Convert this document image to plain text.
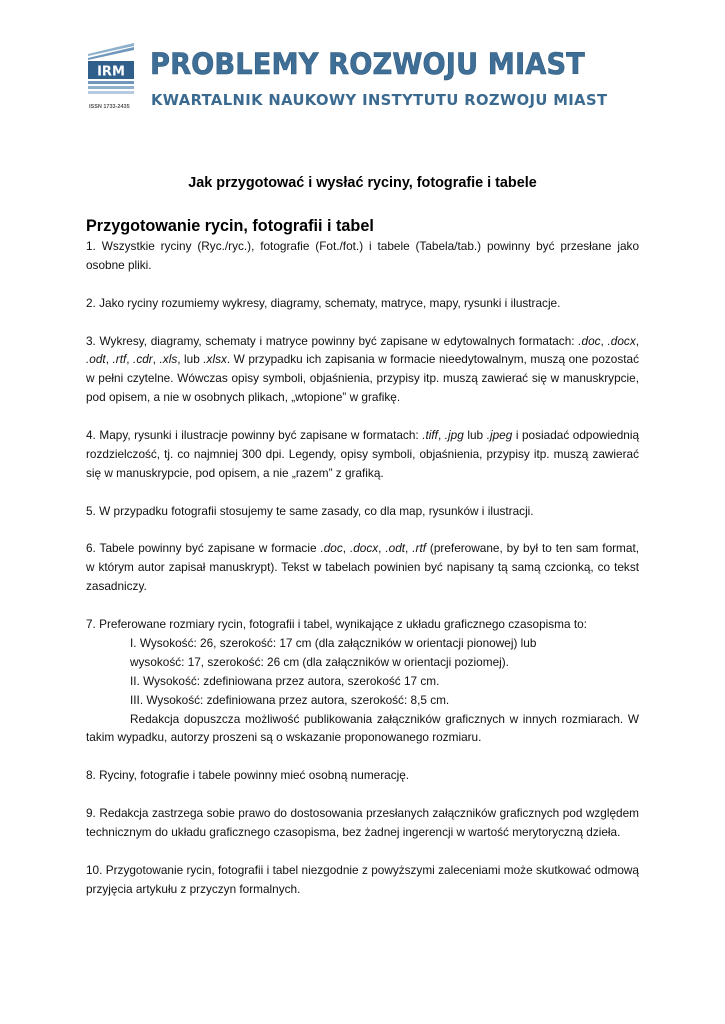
IRM
ISSN 1733-2435
PROBLEMY ROZWOJU MIAST
KWARTALNIK NAUKOWY INSTYTUTU ROZWOJU MIAST
Jak przygotować i wysłać ryciny, fotografie i tabele
Przygotowanie rycin, fotografii i tabel

1. Wszystkie ryciny (Ryc./ryc.), fotografie (Fot./fot.) i tabele (Tabela/tab.) powinny być przesłane jako osobne pliki.

2. Jako ryciny rozumiemy wykresy, diagramy, schematy, matryce, mapy, rysunki i ilustracje.

3. Wykresy, diagramy, schematy i matryce powinny być zapisane w edytowalnych formatach: .doc, .docx, .odt, .rtf, .cdr, .xls, lub .xlsx. W przypadku ich zapisania w formacie nieedytowalnym, muszą one pozostać w pełni czytelne. Wówczas opisy symboli, objaśnienia, przypisy itp. muszą zawierać się w manuskrypcie, pod opisem, a nie w osobnych plikach, „wtopione” w grafikę.

4. Mapy, rysunki i ilustracje powinny być zapisane w formatach: .tiff, .jpg lub .jpeg i posiadać odpowiednią rozdzielczość, tj. co najmniej 300 dpi. Legendy, opisy symboli, objaśnienia, przypisy itp. muszą zawierać się w manuskrypcie, pod opisem, a nie „razem” z grafiką.

5. W przypadku fotografii stosujemy te same zasady, co dla map, rysunków i ilustracji.

6. Tabele powinny być zapisane w formacie .doc, .docx, .odt, .rtf (preferowane, by był to ten sam format, w którym autor zapisał manuskrypt). Tekst w tabelach powinien być napisany tą samą czcionką, co tekst zasadniczy.

7. Preferowane rozmiary rycin, fotografii i tabel, wynikające z układu graficznego czasopisma to:

I. Wysokość: 26, szerokość: 17 cm (dla załączników w orientacji pionowej) lub

wysokość: 17, szerokość: 26 cm (dla załączników w orientacji poziomej).

II. Wysokość: zdefiniowana przez autora, szerokość 17 cm.

III. Wysokość: zdefiniowana przez autora, szerokość: 8,5 cm.

Redakcja dopuszcza możliwość publikowania załączników graficznych w innych rozmiarach. W takim wypadku, autorzy proszeni są o wskazanie proponowanego rozmiaru.

8. Ryciny, fotografie i tabele powinny mieć osobną numerację.

9. Redakcja zastrzega sobie prawo do dostosowania przesłanych załączników graficznych pod względem technicznym do układu graficznego czasopisma, bez żadnej ingerencji w wartość merytoryczną dzieła.

10. Przygotowanie rycin, fotografii i tabel niezgodnie z powyższymi zaleceniami może skutkować odmową przyjęcia artykułu z przyczyn formalnych.
